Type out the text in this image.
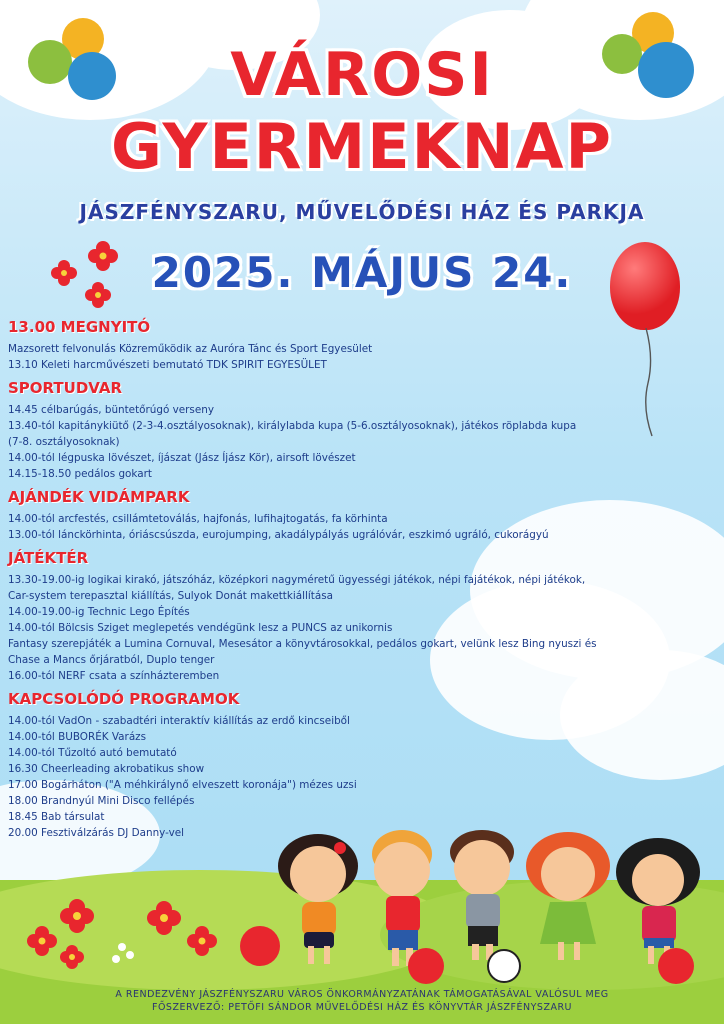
VÁROSI
GYERMEKNAP
JÁSZFÉNYSZARU, MŰVELŐDÉSI HÁZ ÉS PARKJA
2025. MÁJUS 24.
13.00 MEGNYITÓ
Mazsorett felvonulás Közreműködik az Auróra Tánc és Sport Egyesület
13.10 Keleti harcművészeti bemutató TDK SPIRIT EGYESÜLET
SPORTUDVAR
14.45 célbarúgás, büntetőrúgó verseny
13.40-tól kapitánykiütő (2-3-4.osztályosoknak), királylabda kupa (5-6.osztályosoknak), játékos röplabda kupa
(7-8. osztályosoknak)
14.00-tól légpuska lövészet, íjászat (Jász Íjász Kör), airsoft lövészet
14.15-18.50 pedálos gokart
AJÁNDÉK VIDÁMPARK
14.00-tól arcfestés, csillámtetoválás, hajfonás, lufihajtogatás, fa körhinta
13.00-tól lánckörhinta, óriáscsúszda, eurojumping, akadálypályás ugrálóvár, eszkimó ugráló, cukorágyú
JÁTÉKTÉR
13.30-19.00-ig logikai kirakó, játszóház, középkori nagyméretű ügyességi játékok, népi fajátékok, népi játékok,
Car-system terepasztal kiállítás, Sulyok Donát makettkiállítása
14.00-19.00-ig Technic Lego Építés
14.00-tól Bölcsis Sziget meglepetés vendégünk lesz a PUNCS az unikornis
Fantasy szerepjáték a Lumina Cornuval, Mesesátor a könyvtárosokkal, pedálos gokart, velünk lesz Bing nyuszi és
Chase a Mancs őrjáratból, Duplo tenger
16.00-tól NERF csata a színházteremben
KAPCSOLÓDÓ PROGRAMOK
14.00-tól VadOn - szabadtéri interaktív kiállítás az erdő kincseiből
14.00-tól BUBORÉK Varázs
14.00-tól Tűzoltó autó bemutató
16.30 Cheerleading akrobatikus show
17.00 Bogárháton ("A méhkirálynő elveszett koronája") mézes uzsi
18.00 Brandnyúl Mini Disco fellépés
18.45 Bab társulat
20.00 Fesztiválzárás DJ Danny-vel
A RENDEZVÉNY JÁSZFÉNYSZARU VÁROS ÖNKORMÁNYZATÁNAK TÁMOGATÁSÁVAL VALÓSUL MEG
FŐSZERVEZŐ: PETŐFI SÁNDOR MŰVELŐDÉSI HÁZ ÉS KÖNYVTÁR JÁSZFÉNYSZARU
